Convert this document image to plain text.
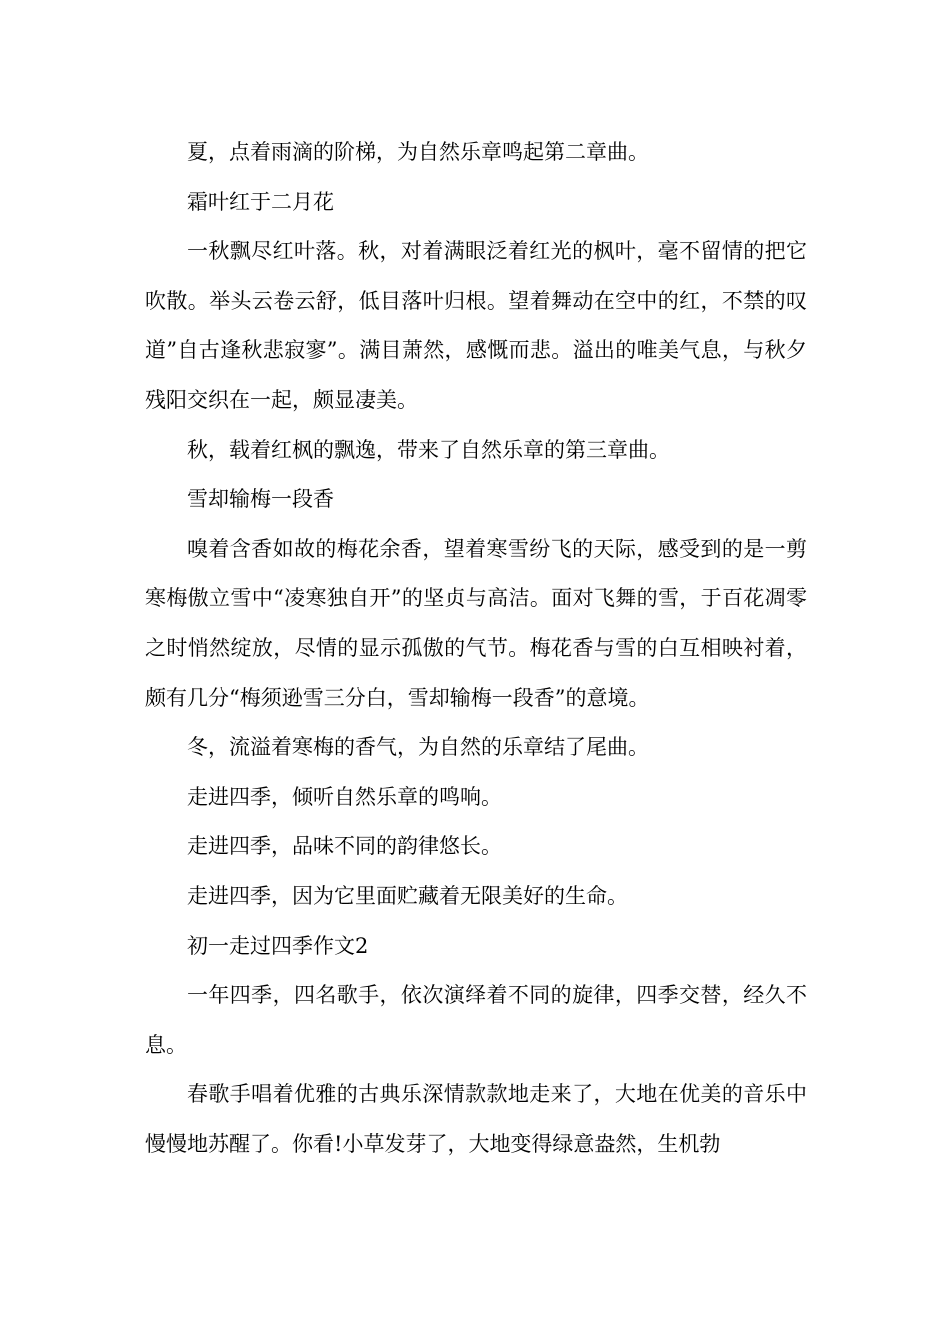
夏，点着雨滴的阶梯，为自然乐章鸣起第二章曲。

霜叶红于二月花

一秋飘尽红叶落。秋，对着满眼泛着红光的枫叶，毫不留情的把它吹散。举头云卷云舒，低目落叶归根。望着舞动在空中的红，不禁的叹道”自古逢秋悲寂寥”。满目萧然，感慨而悲。溢出的唯美气息，与秋夕残阳交织在一起，颇显凄美。

秋，载着红枫的飘逸，带来了自然乐章的第三章曲。

雪却输梅一段香

嗅着含香如故的梅花余香，望着寒雪纷飞的天际，感受到的是一剪寒梅傲立雪中“凌寒独自开”的坚贞与高洁。面对飞舞的雪，于百花凋零之时悄然绽放，尽情的显示孤傲的气节。梅花香与雪的白互相映衬着，颇有几分“梅须逊雪三分白，雪却输梅一段香”的意境。

冬，流溢着寒梅的香气，为自然的乐章结了尾曲。

走进四季，倾听自然乐章的鸣响。

走进四季，品味不同的韵律悠长。

走进四季，因为它里面贮藏着无限美好的生命。

初一走过四季作文2

一年四季，四名歌手，依次演绎着不同的旋律，四季交替，经久不息。

春歌手唱着优雅的古典乐深情款款地走来了，大地在优美的音乐中慢慢地苏醒了。你看!小草发芽了，大地变得绿意盎然，生机勃
